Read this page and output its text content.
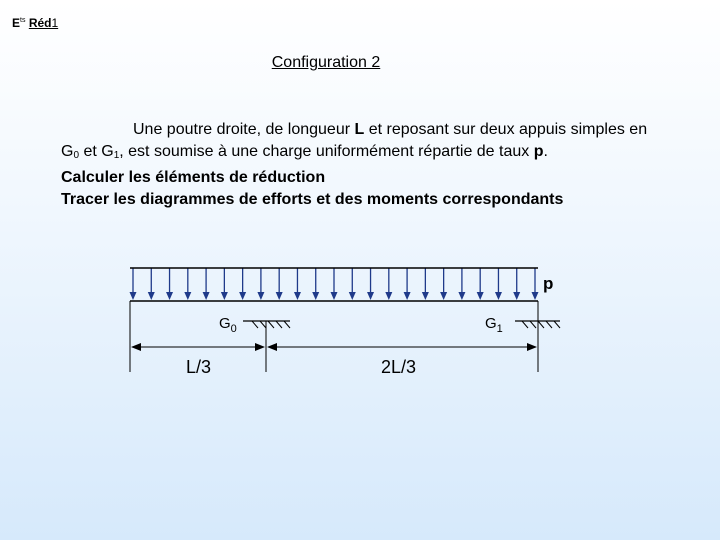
$E^{ts}$ Réd1
Configuration 2
Une poutre droite, de longueur L et reposant sur deux appuis simples en $G_0$ et $G_1$, est soumise à une charge uniformément répartie de taux p.
Calculer les éléments de réduction
Tracer les diagrammes de efforts et des moments correspondants
p
$G_0$	$G_1$
L/3	2L/3
